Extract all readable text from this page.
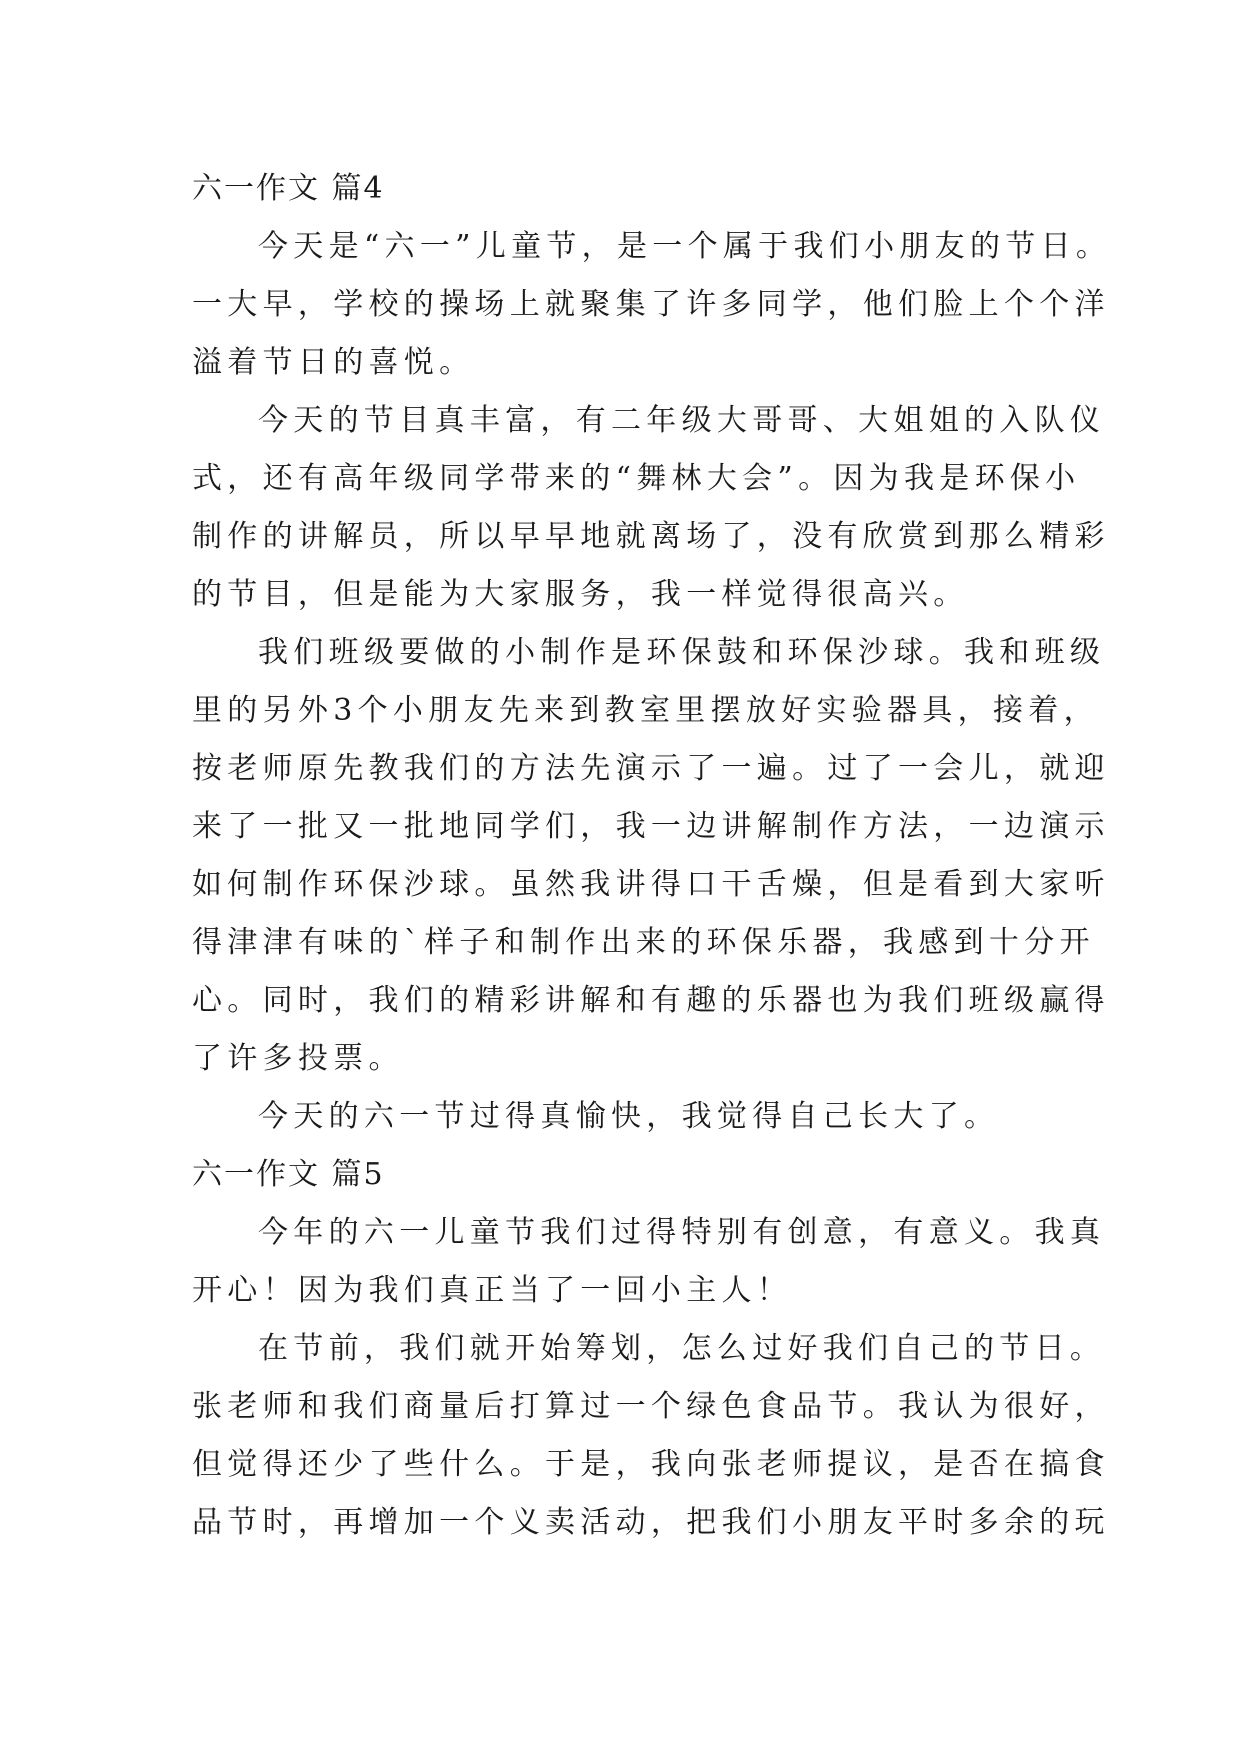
六一作文 篇4
今天是“六一”儿童节，是一个属于我们小朋友的节日。
一大早，学校的操场上就聚集了许多同学，他们脸上个个洋
溢着节日的喜悦。
今天的节目真丰富，有二年级大哥哥、大姐姐的入队仪
式，还有高年级同学带来的“舞林大会”。因为我是环保小
制作的讲解员，所以早早地就离场了，没有欣赏到那么精彩
的节目，但是能为大家服务，我一样觉得很高兴。
我们班级要做的小制作是环保鼓和环保沙球。我和班级
里的另外3个小朋友先来到教室里摆放好实验器具，接着，
按老师原先教我们的方法先演示了一遍。过了一会儿，就迎
来了一批又一批地同学们，我一边讲解制作方法，一边演示
如何制作环保沙球。虽然我讲得口干舌燥，但是看到大家听
得津津有味的`样子和制作出来的环保乐器，我感到十分开
心。同时，我们的精彩讲解和有趣的乐器也为我们班级赢得
了许多投票。
今天的六一节过得真愉快，我觉得自己长大了。
六一作文 篇5
今年的六一儿童节我们过得特别有创意，有意义。我真
开心！因为我们真正当了一回小主人！
在节前，我们就开始筹划，怎么过好我们自己的节日。
张老师和我们商量后打算过一个绿色食品节。我认为很好，
但觉得还少了些什么。于是，我向张老师提议，是否在搞食
品节时，再增加一个义卖活动，把我们小朋友平时多余的玩
